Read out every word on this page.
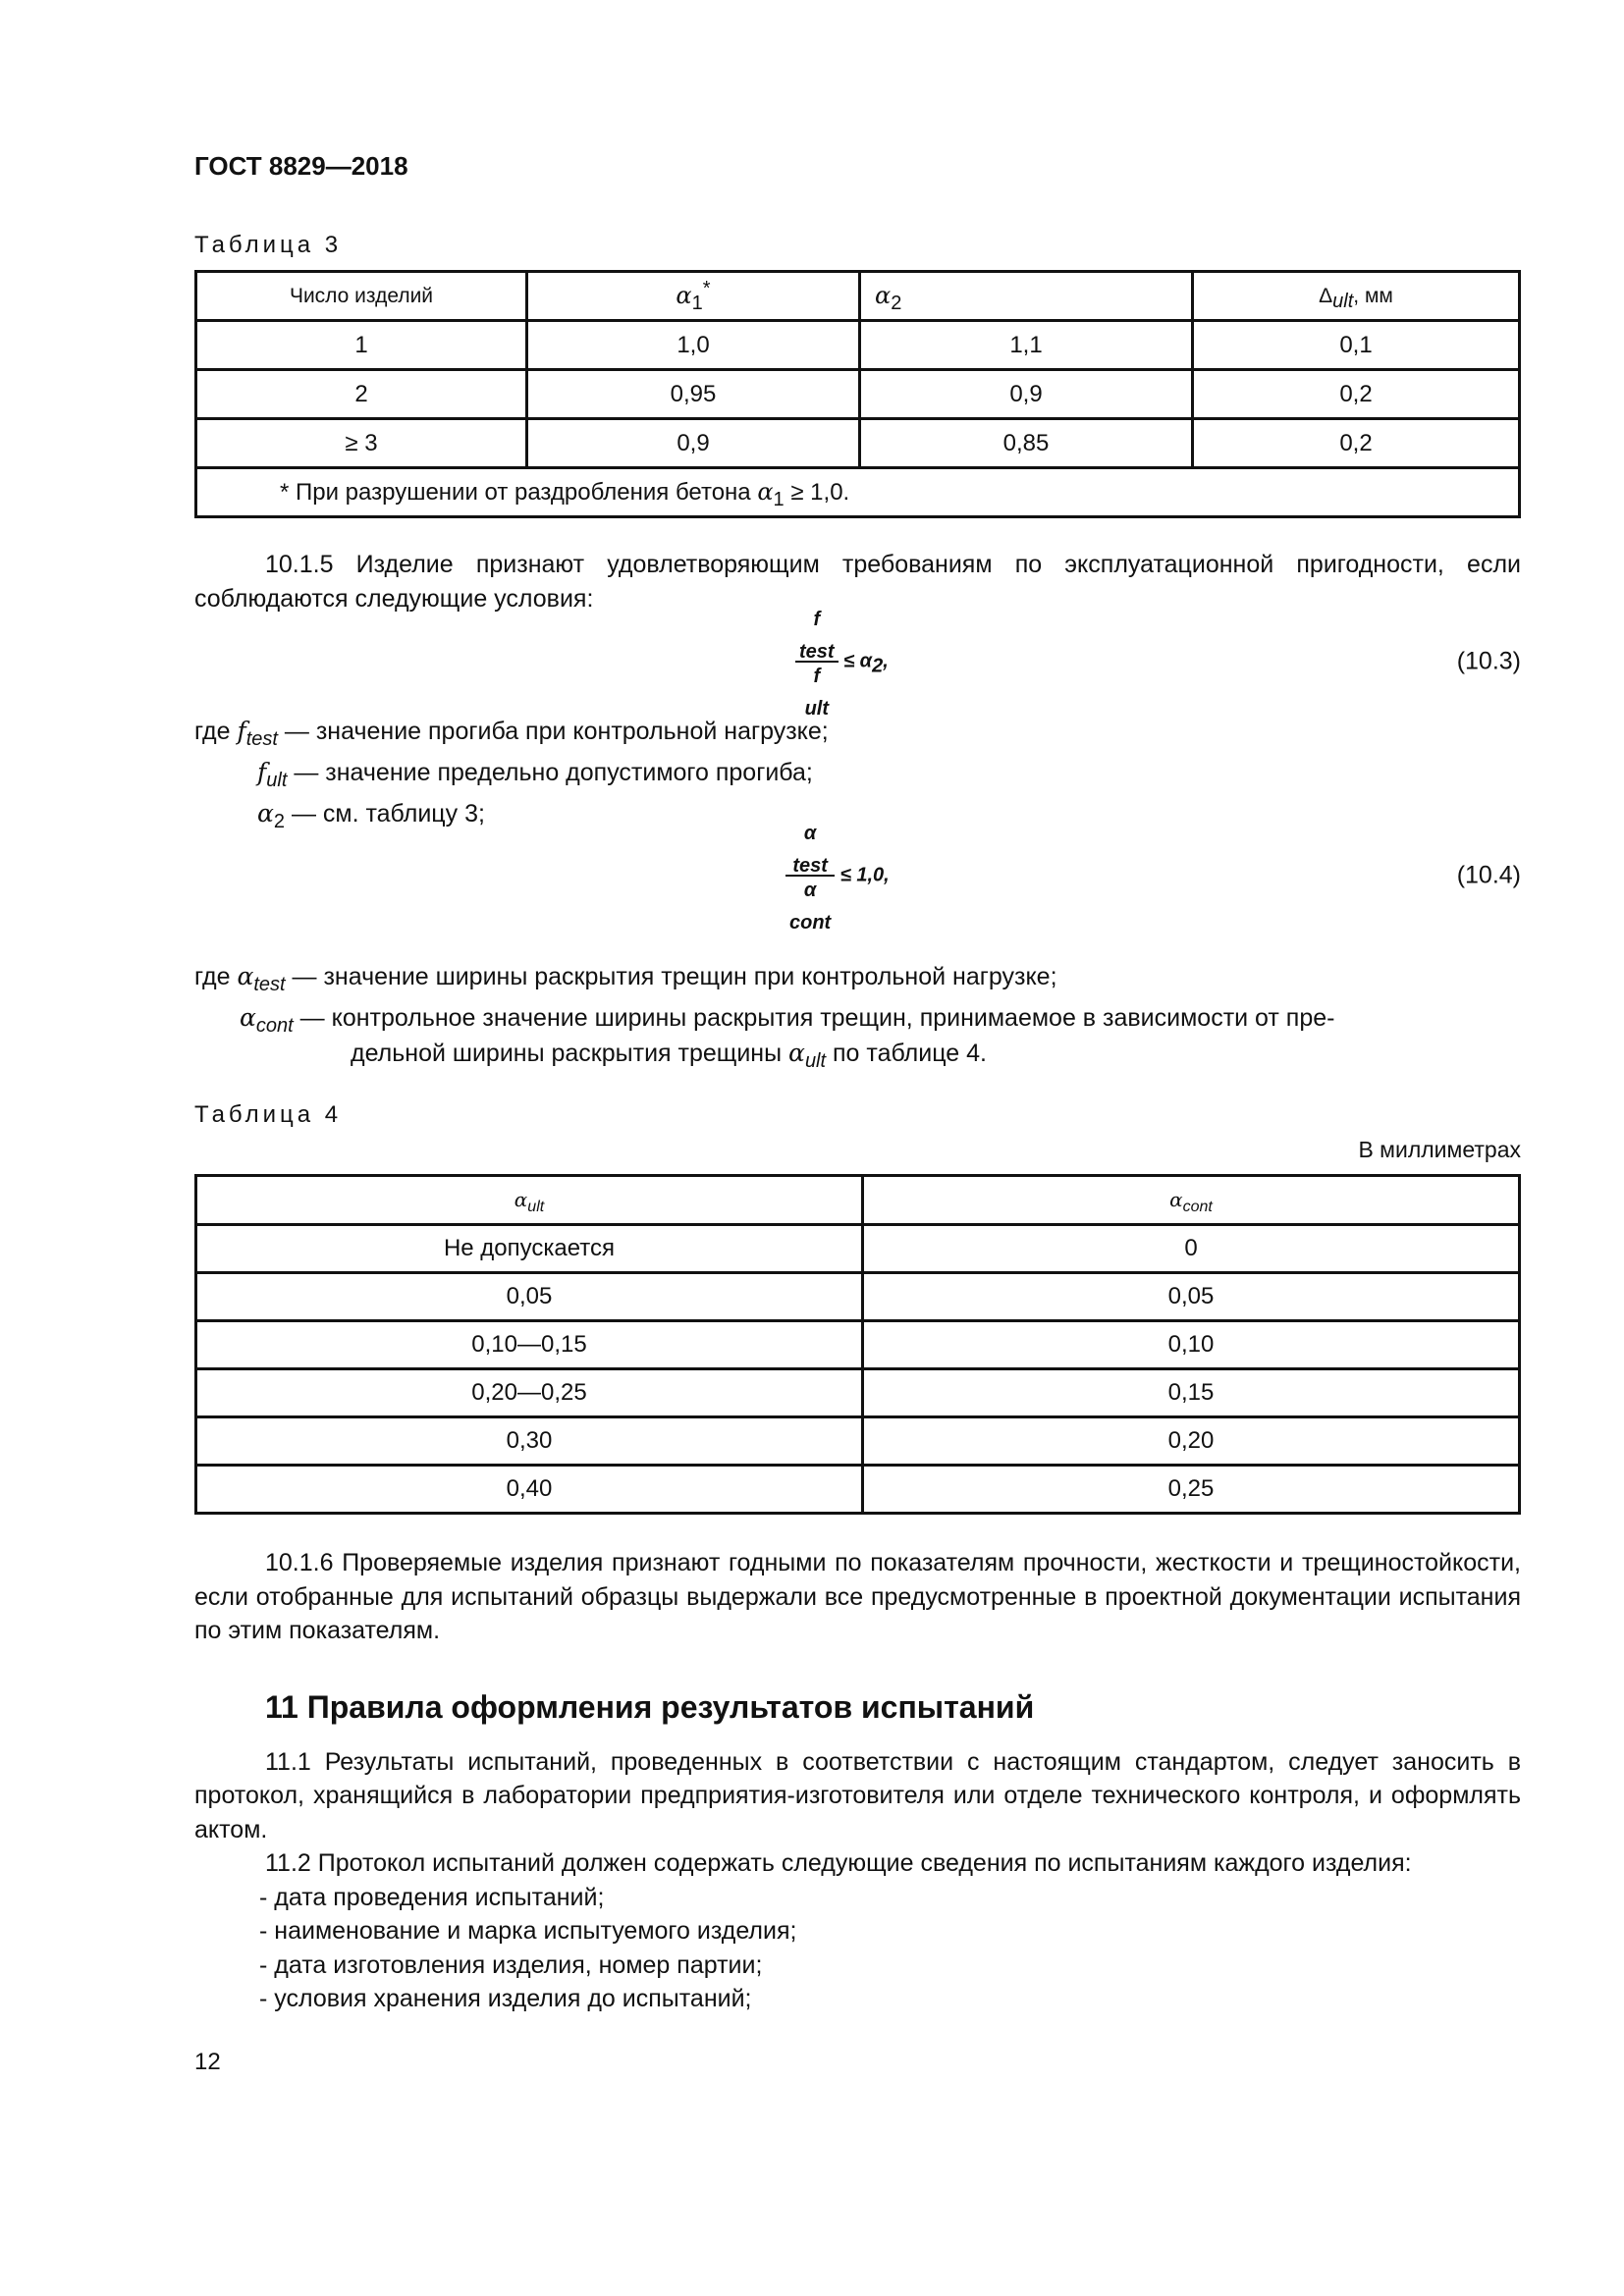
ГОСТ 8829—2018
Таблица 3
Число изделий	$\alpha_1^*$	$\alpha_2$	$\Delta_{ult}$, мм
1	1,0	1,1	0,1
2	0,95	0,9	0,2
≥ 3	0,9	0,85	0,2
* При разрушении от раздробления бетона $\alpha_1 \ge 1,0$.			
10.1.5 Изделие признают удовлетворяющим требованиям по эксплуатационной пригодности, если соблюдаются следующие условия:
f
$_{test}$
f
$_{ult} \le \alpha_2$,	(10.3)
где $f_{test}$ — значение прогиба при контрольной нагрузке;
$f_{ult}$ — значение предельно допустимого прогиба;
$\alpha_2$ — см. таблицу 3;
α
$_{test}$
α
$_{cont}$ ≤ 1,0,	(10.4)
где $\alpha_{test}$ — значение ширины раскрытия трещин при контрольной нагрузке;
$\alpha_{cont}$ — контрольное значение ширины раскрытия трещин, принимаемое в зависимости от пре-
дельной ширины раскрытия трещины $\alpha_{ult}$ по таблице 4.
Таблица 4
В миллиметрах
$\alpha_{ult}$	$\alpha_{cont}$
Не допускается	0
0,05	0,05
0,10—0,15	0,10
0,20—0,25	0,15
0,30	0,20
0,40	0,25
10.1.6 Проверяемые изделия признают годными по показателям прочности, жесткости и трещиностойкости, если отобранные для испытаний образцы выдержали все предусмотренные в проектной документации испытания по этим показателям.
11 Правила оформления результатов испытаний
11.1 Результаты испытаний, проведенных в соответствии с настоящим стандартом, следует заносить в протокол, хранящийся в лаборатории предприятия-изготовителя или отделе технического контроля, и оформлять актом.
11.2 Протокол испытаний должен содержать следующие сведения по испытаниям каждого изделия:
- дата проведения испытаний;
- наименование и марка испытуемого изделия;
- дата изготовления изделия, номер партии;
- условия хранения изделия до испытаний;
12
